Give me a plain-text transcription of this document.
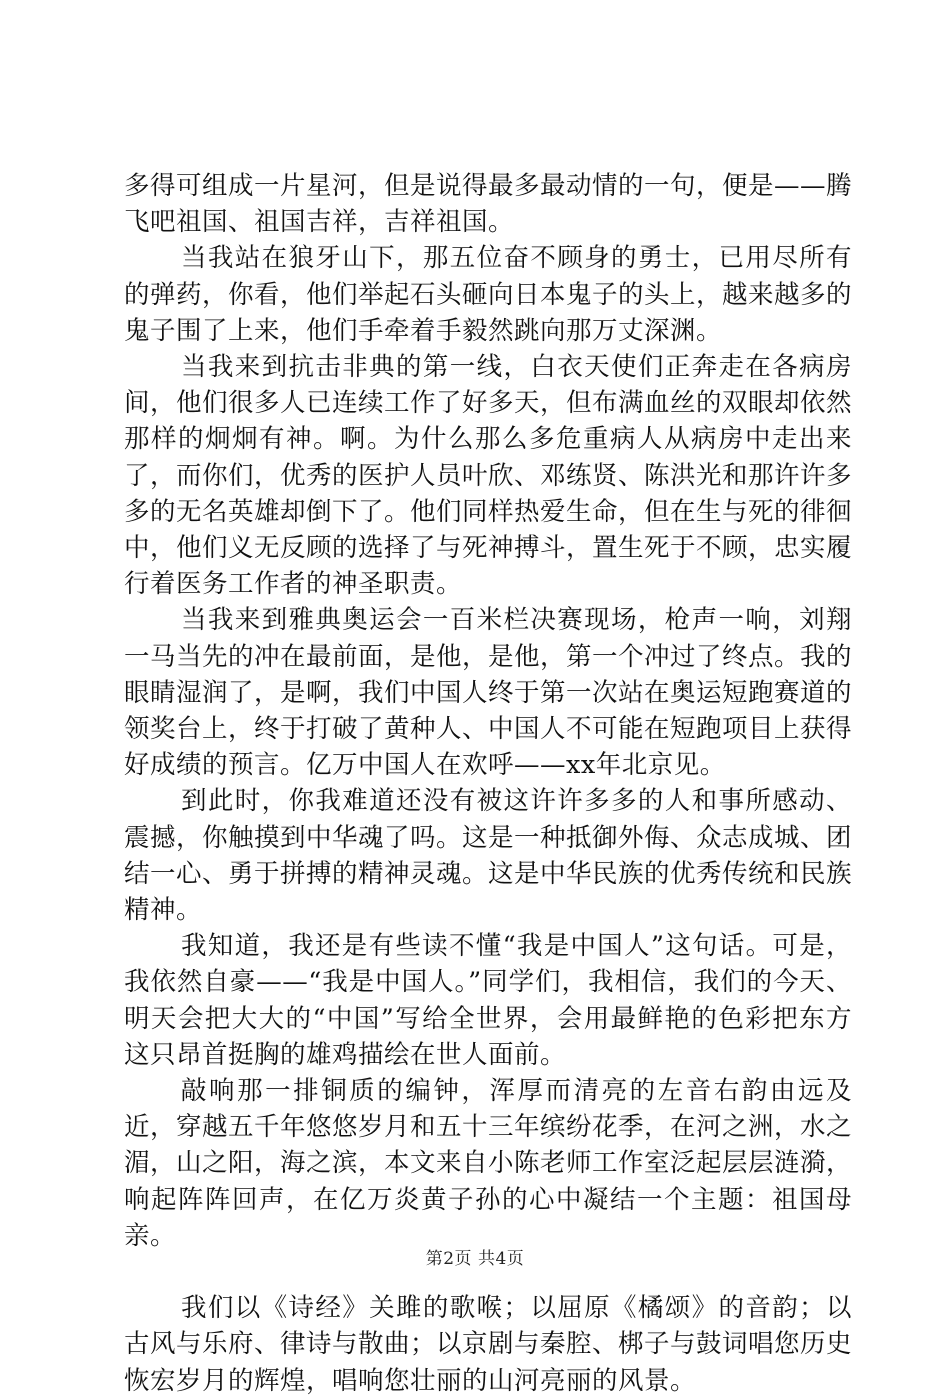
多得可组成一片星河，但是说得最多最动情的一句，便是——腾飞吧祖国、祖国吉祥，吉祥祖国。

当我站在狼牙山下，那五位奋不顾身的勇士，已用尽所有的弹药，你看，他们举起石头砸向日本鬼子的头上，越来越多的鬼子围了上来，他们手牵着手毅然跳向那万丈深渊。

当我来到抗击非典的第一线，白衣天使们正奔走在各病房间，他们很多人已连续工作了好多天，但布满血丝的双眼却依然那样的炯炯有神。啊。为什么那么多危重病人从病房中走出来了，而你们，优秀的医护人员叶欣、邓练贤、陈洪光和那许许多多的无名英雄却倒下了。他们同样热爱生命，但在生与死的徘徊中，他们义无反顾的选择了与死神搏斗，置生死于不顾，忠实履行着医务工作者的神圣职责。

当我来到雅典奥运会一百米栏决赛现场，枪声一响，刘翔一马当先的冲在最前面，是他，是他，第一个冲过了终点。我的眼睛湿润了，是啊，我们中国人终于第一次站在奥运短跑赛道的领奖台上，终于打破了黄种人、中国人不可能在短跑项目上获得好成绩的预言。亿万中国人在欢呼——xx年北京见。

到此时，你我难道还没有被这许许多多的人和事所感动、震撼，你触摸到中华魂了吗。这是一种抵御外侮、众志成城、团结一心、勇于拼搏的精神灵魂。这是中华民族的优秀传统和民族精神。

我知道，我还是有些读不懂“我是中国人”这句话。可是，我依然自豪——“我是中国人。”同学们，我相信，我们的今天、明天会把大大的“中国”写给全世界，会用最鲜艳的色彩把东方这只昂首挺胸的雄鸡描绘在世人面前。

敲响那一排铜质的编钟，浑厚而清亮的左音右韵由远及近，穿越五千年悠悠岁月和五十三年缤纷花季，在河之洲，水之湄，山之阳，海之滨，本文来自小陈老师工作室泛起层层涟漪，响起阵阵回声，在亿万炎黄子孙的心中凝结一个主题：祖国母亲。

我们以《诗经》关雎的歌喉；以屈原《橘颂》的音韵；以古风与乐府、律诗与散曲；以京剧与秦腔、梆子与鼓词唱您历史恢宏岁月的辉煌，唱响您壮丽的山河亮丽的风景。

第2页 共4页
